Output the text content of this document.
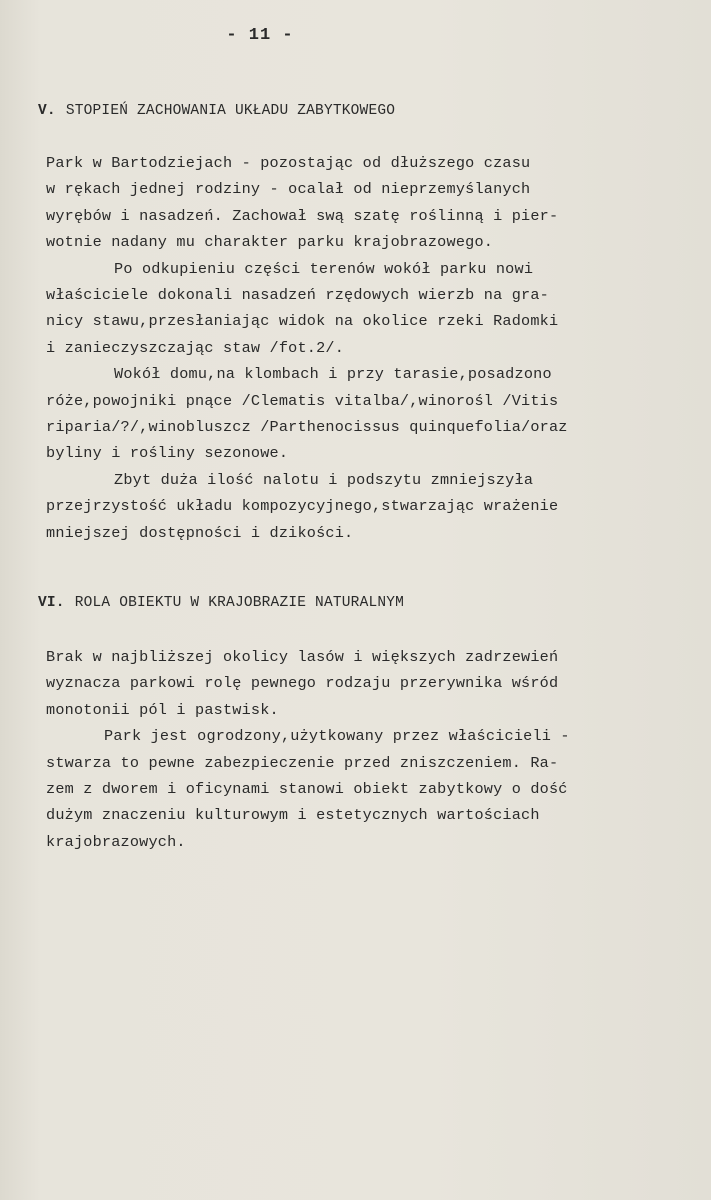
- 11 -
V. STOPIEŃ ZACHOWANIA UKŁADU ZABYTKOWEGO
Park w Bartodziejach - pozostając od dłuższego czasu
w rękach jednej rodziny - ocalał od nieprzemyślanych
wyrębów i nasadzeń. Zachował swą szatę roślinną i pier-
wotnie nadany mu charakter parku krajobrazowego.
Po odkupieniu części terenów wokół parku nowi
właściciele dokonali nasadzeń rzędowych wierzb na gra-
nicy stawu,przesłaniając widok na okolice rzeki Radomki
i zanieczyszczając staw /fot.2/.
Wokół domu,na klombach i przy tarasie,posadzono
róże,powojniki pnące /Clematis vitalba/,winorośl /Vitis
riparia/?/,winobluszcz /Parthenocissus quinquefolia/oraz
byliny i rośliny sezonowe.
Zbyt duża ilość nalotu i podszytu zmniejszyła
przejrzystość układu kompozycyjnego,stwarzając wrażenie
mniejszej dostępności i dzikości.
VI. ROLA OBIEKTU W KRAJOBRAZIE NATURALNYM
Brak w najbliższej okolicy lasów i większych zadrzewień
wyznacza parkowi rolę pewnego rodzaju przerywnika wśród
monotonii pól i pastwisk.
Park jest ogrodzony,użytkowany przez właścicieli -
stwarza to pewne zabezpieczenie przed zniszczeniem. Ra-
zem z dworem i oficynami stanowi obiekt zabytkowy o dość
dużym znaczeniu kulturowym i estetycznych wartościach
krajobrazowych.
